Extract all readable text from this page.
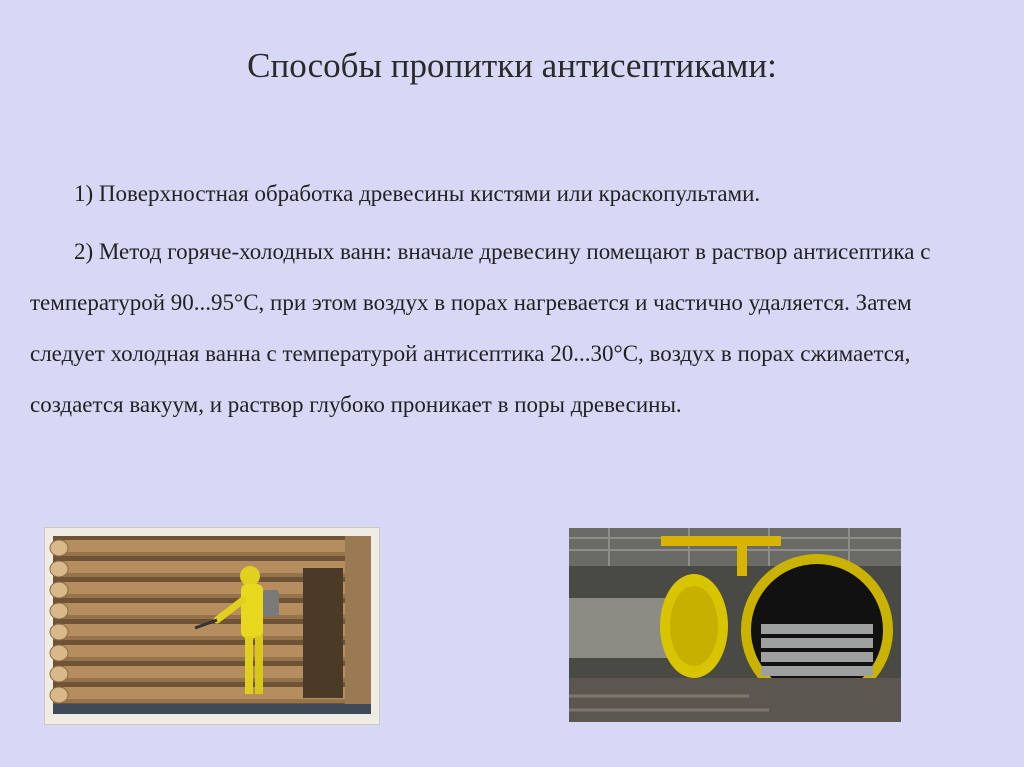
Способы пропитки антисептиками:

1) Поверхностная обработка древесины кистями или краскопультами.

2) Метод горяче-холодных ванн: вначале древесину помещают в раствор антисептика с температурой 90...95°С, при этом воздух в порах нагревается и частично удаляется. Затем следует холодная ванна с температурой антисептика 20...30°С, воздух в порах сжимается, создается вакуум, и раствор глубоко проникает в поры древесины.
